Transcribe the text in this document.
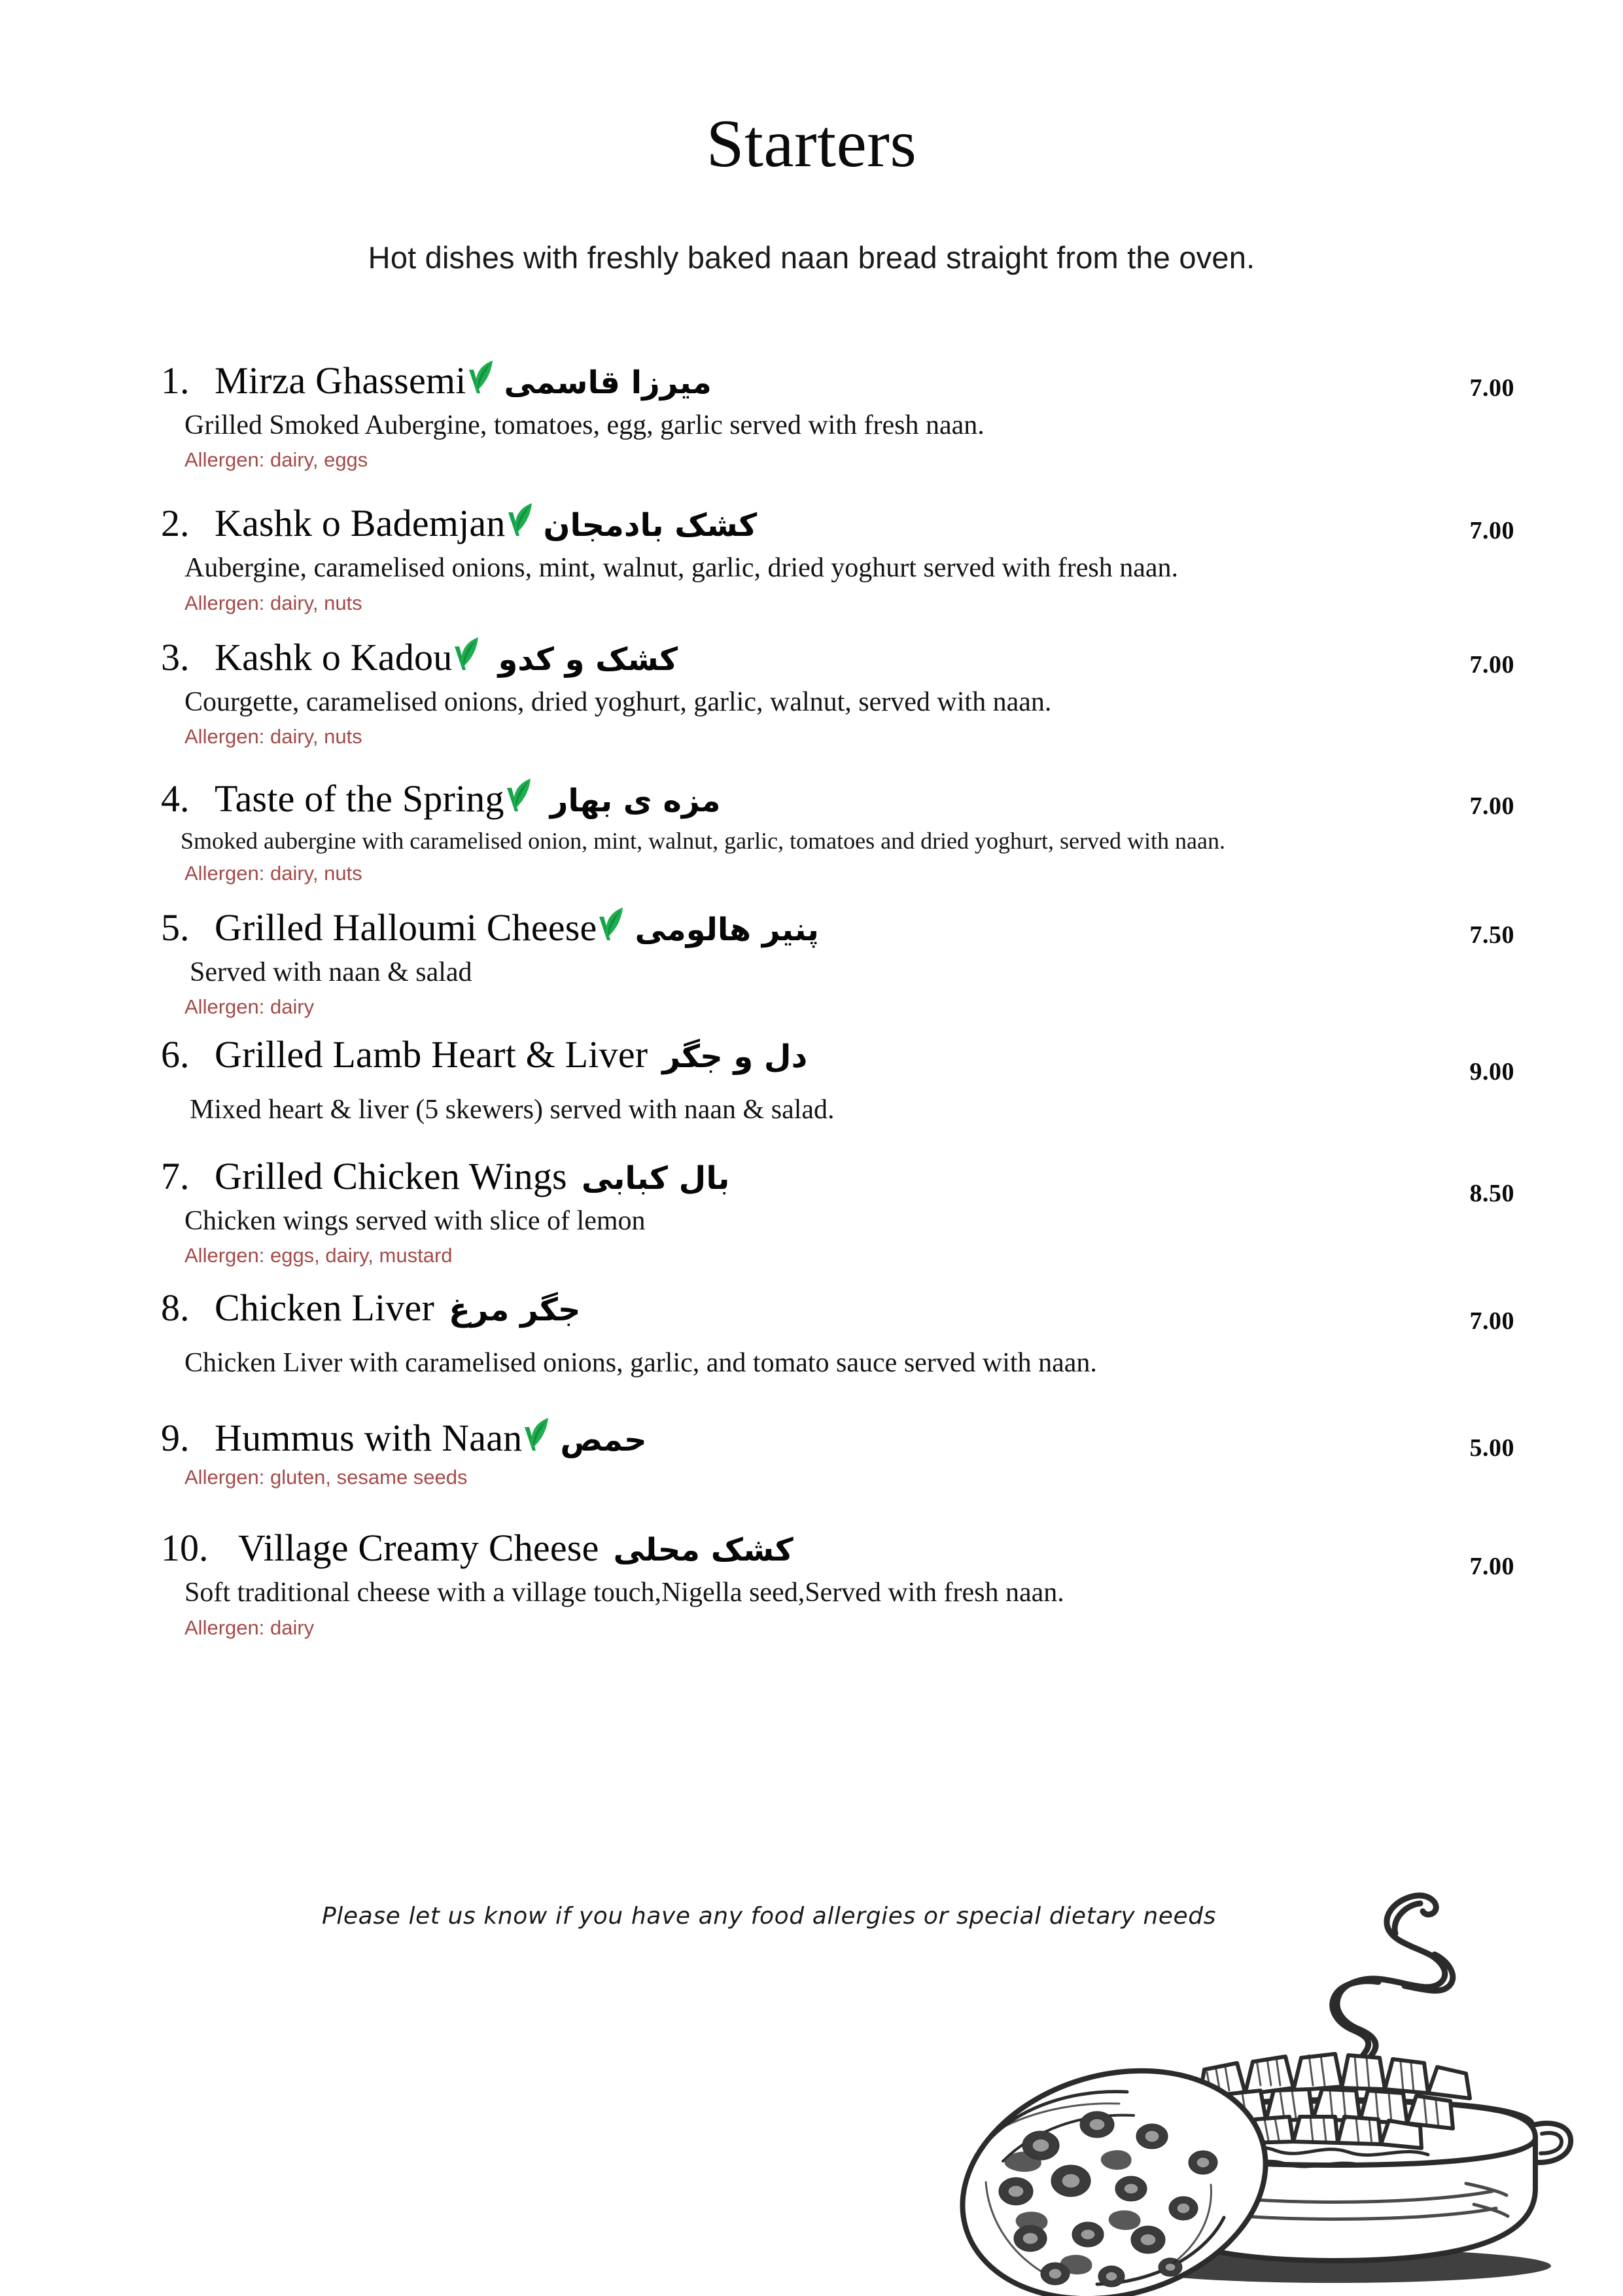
Starters

Hot dishes with freshly baked naan bread straight from the oven.

1. Mirza Ghassemi میرزا قاسمی
Grilled Smoked Aubergine, tomatoes, egg, garlic served with fresh naan.
Allergen: dairy, eggs
7.00
2. Kashk o Bademjan کشک بادمجان
Aubergine, caramelised onions, mint, walnut, garlic, dried yoghurt served with fresh naan.
Allergen: dairy, nuts
7.00
3. Kashk o Kadou کشک و کدو
Courgette, caramelised onions, dried yoghurt, garlic, walnut, served with naan.
Allergen: dairy, nuts
7.00
4. Taste of the Spring مزه ی بهار
Smoked aubergine with caramelised onion, mint, walnut, garlic, tomatoes and dried yoghurt, served with naan.
Allergen: dairy, nuts
7.00
5. Grilled Halloumi Cheese پنیر هالومی
Served with naan & salad
Allergen: dairy
7.50
6. Grilled Lamb Heart & Liver دل و جگر
Mixed heart & liver (5 skewers) served with naan & salad.
9.00
7. Grilled Chicken Wings بال کبابی
Chicken wings served with slice of lemon
Allergen: eggs, dairy, mustard
8.50
8. Chicken Liver جگر مرغ
Chicken Liver with caramelised onions, garlic, and tomato sauce served with naan.
7.00
9. Hummus with Naan حمص
Allergen: gluten, sesame seeds
5.00
10. Village Creamy Cheese کشک محلی
Soft traditional cheese with a village touch,Nigella seed,Served with fresh naan.
Allergen: dairy
7.00
Please let us know if you have any food allergies or special dietary needs
